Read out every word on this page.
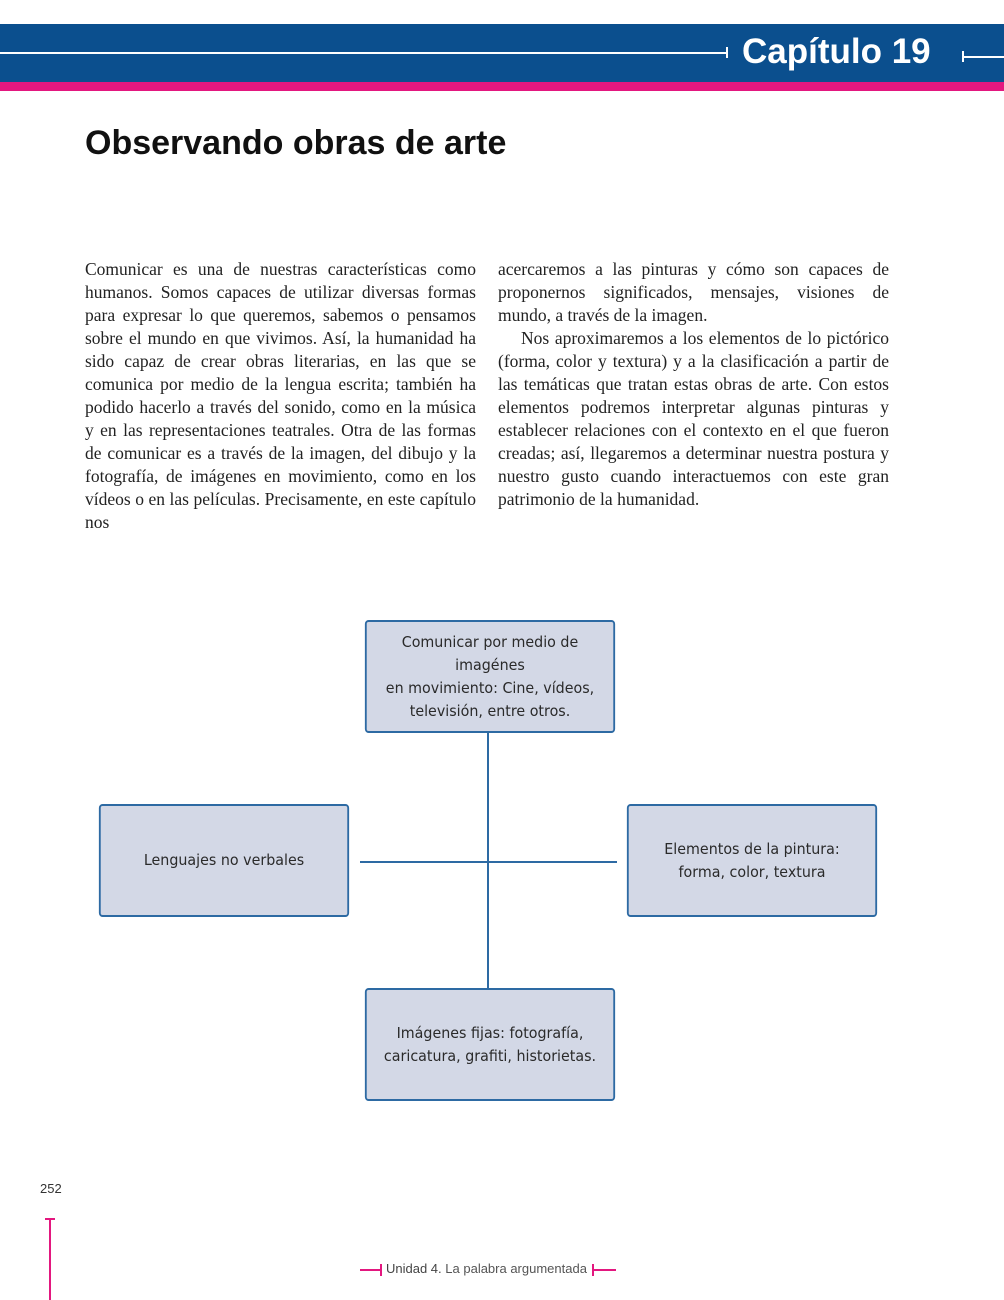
Capítulo 19
Observando obras de arte

Comunicar es una de nuestras características como humanos. Somos capaces de utilizar diversas formas para expresar lo que queremos, sabemos o pensamos sobre el mundo en que vivimos. Así, la humanidad ha sido capaz de crear obras literarias, en las que se comunica por medio de la lengua escrita; también ha podido hacerlo a través del sonido, como en la música y en las representaciones teatrales. Otra de las formas de comunicar es a través de la imagen, del dibujo y la fotografía, de imágenes en movimiento, como en los vídeos o en las películas. Precisamente, en este capítulo nos

acercaremos a las pinturas y cómo son capaces de proponernos significados, mensajes, visiones de mundo, a través de la imagen.

Nos aproximaremos a los elementos de lo pictórico (forma, color y textura) y a la clasificación a partir de las temáticas que tratan estas obras de arte. Con estos elementos podremos interpretar algunas pinturas y establecer relaciones con el contexto en el que fueron creadas; así, llegaremos a determinar nuestra postura y nuestro gusto cuando interactuemos con este gran patrimonio de la humanidad.

Comunicar por medio de imagénes
en movimiento: Cine, vídeos,
televisión, entre otros.
Lenguajes no verbales
Elementos de la pintura:
forma, color, textura
Imágenes fijas: fotografía,
caricatura, grafiti, historietas.
252
Unidad 4. La palabra argumentada
